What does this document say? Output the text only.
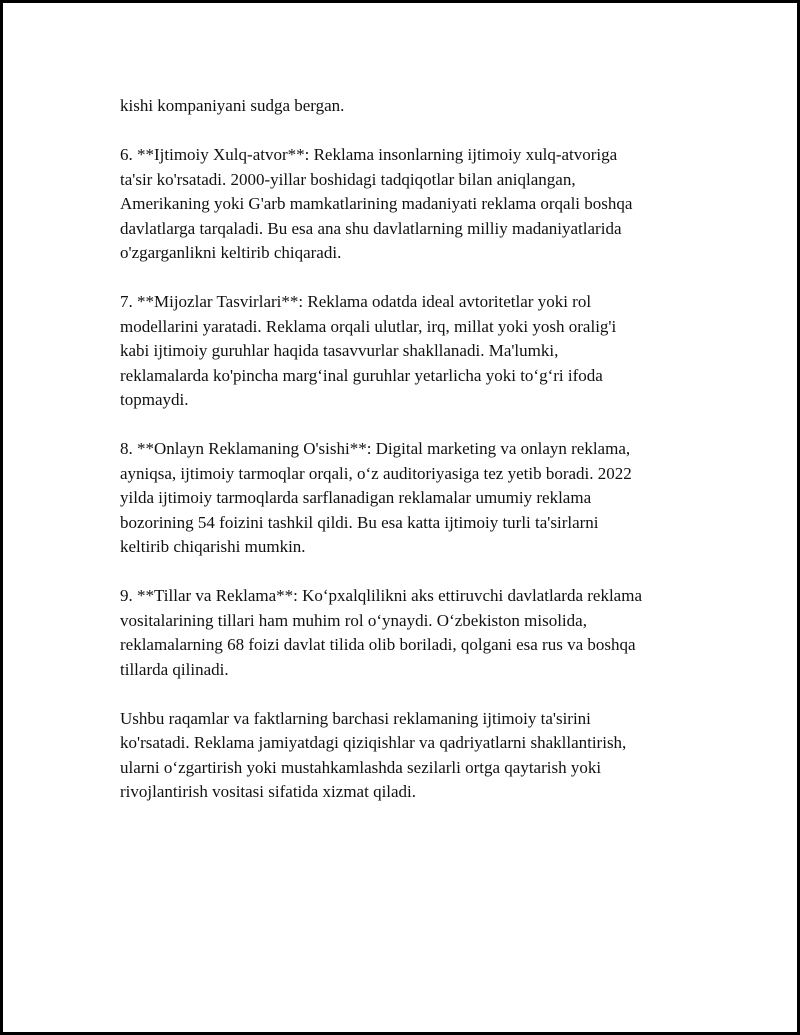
kishi kompaniyani sudga bergan.

6. **Ijtimoiy Xulq-atvor**: Reklama insonlarning ijtimoiy xulq-atvoriga
ta'sir ko'rsatadi. 2000-yillar boshidagi tadqiqotlar bilan aniqlangan,
Amerikaning yoki G'arb mamkatlarining madaniyati reklama orqali boshqa
davlatlarga tarqaladi. Bu esa ana shu davlatlarning milliy madaniyatlarida
o'zgarganlikni keltirib chiqaradi.

7. **Mijozlar Tasvirlari**: Reklama odatda ideal avtoritetlar yoki rol
modellarini yaratadi. Reklama orqali ulutlar, irq, millat yoki yosh oralig'i
kabi ijtimoiy guruhlar haqida tasavvurlar shakllanadi. Ma'lumki,
reklamalarda ko'pincha marg‘inal guruhlar yetarlicha yoki to‘g‘ri ifoda
topmaydi.

8. **Onlayn Reklamaning O'sishi**: Digital marketing va onlayn reklama,
ayniqsa, ijtimoiy tarmoqlar orqali, o‘z auditoriyasiga tez yetib boradi. 2022
yilda ijtimoiy tarmoqlarda sarflanadigan reklamalar umumiy reklama
bozorining 54 foizini tashkil qildi. Bu esa katta ijtimoiy turli ta'sirlarni
keltirib chiqarishi mumkin.

9. **Tillar va Reklama**: Ko‘pxalqlilikni aks ettiruvchi davlatlarda reklama
vositalarining tillari ham muhim rol o‘ynaydi. O‘zbekiston misolida,
reklamalarning 68 foizi davlat tilida olib boriladi, qolgani esa rus va boshqa
tillarda qilinadi.

Ushbu raqamlar va faktlarning barchasi reklamaning ijtimoiy ta'sirini
ko'rsatadi. Reklama jamiyatdagi qiziqishlar va qadriyatlarni shakllantirish,
ularni o‘zgartirish yoki mustahkamlashda sezilarli ortga qaytarish yoki
rivojlantirish vositasi sifatida xizmat qiladi.
